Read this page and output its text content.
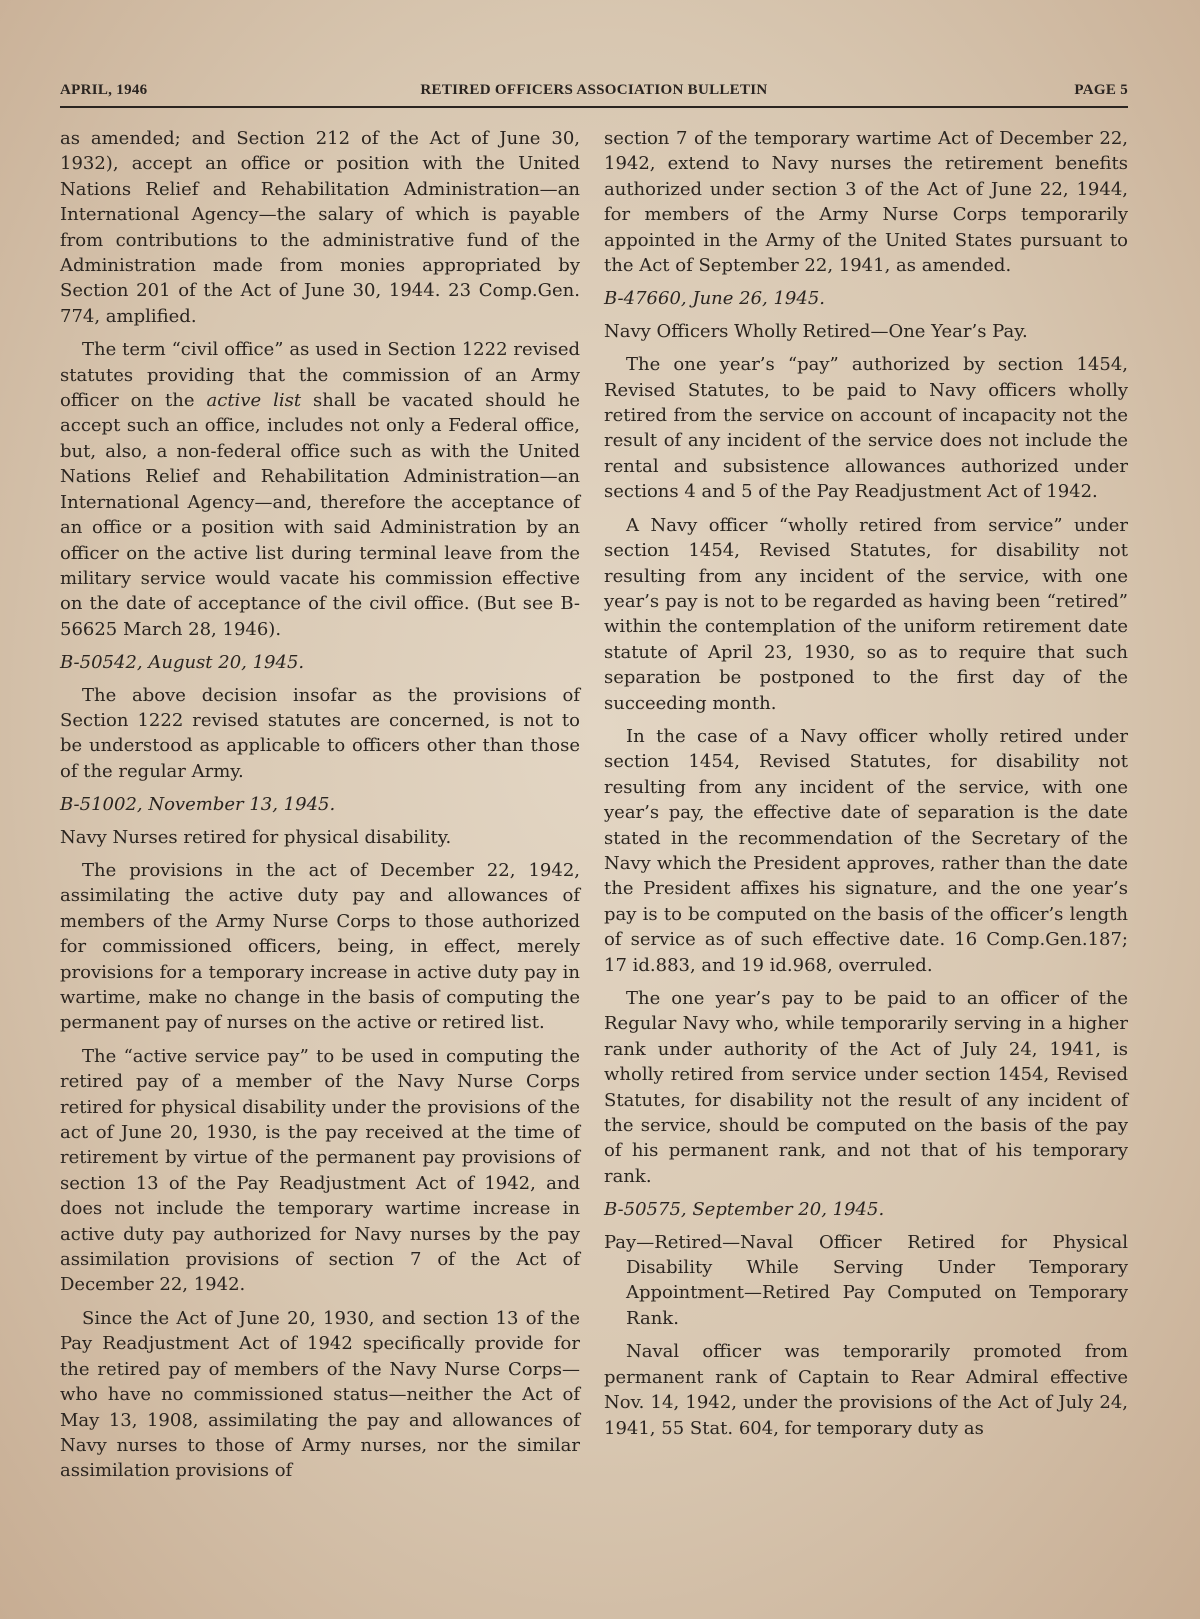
APRIL, 1946	RETIRED OFFICERS ASSOCIATION BULLETIN	PAGE 5

as amended; and Section 212 of the Act of June 30, 1932), accept an office or position with the United Nations Relief and Rehabilitation Administration—an International Agency—the salary of which is payable from contributions to the administrative fund of the Administration made from monies appropriated by Section 201 of the Act of June 30, 1944. 23 Comp.Gen. 774, amplified.

The term “civil office” as used in Section 1222 revised statutes providing that the commission of an Army officer on the active list shall be vacated should he accept such an office, includes not only a Federal office, but, also, a non-federal office such as with the United Nations Relief and Rehabilitation Administration—an International Agency—and, therefore the acceptance of an office or a position with said Administration by an officer on the active list during terminal leave from the military service would vacate his commission effective on the date of acceptance of the civil office. (But see B-56625 March 28, 1946).

B-50542, August 20, 1945.

The above decision insofar as the provisions of Section 1222 revised statutes are concerned, is not to be understood as applicable to officers other than those of the regular Army.

B-51002, November 13, 1945.

Navy Nurses retired for physical disability.

The provisions in the act of December 22, 1942, assimilating the active duty pay and allowances of members of the Army Nurse Corps to those authorized for commissioned officers, being, in effect, merely provisions for a temporary increase in active duty pay in wartime, make no change in the basis of computing the permanent pay of nurses on the active or retired list.

The “active service pay” to be used in computing the retired pay of a member of the Navy Nurse Corps retired for physical disability under the provisions of the act of June 20, 1930, is the pay received at the time of retirement by virtue of the permanent pay provisions of section 13 of the Pay Readjustment Act of 1942, and does not include the temporary wartime increase in active duty pay authorized for Navy nurses by the pay assimilation provisions of section 7 of the Act of December 22, 1942.

Since the Act of June 20, 1930, and section 13 of the Pay Readjustment Act of 1942 specifically provide for the retired pay of members of the Navy Nurse Corps—who have no commissioned status—neither the Act of May 13, 1908, assimilating the pay and allowances of Navy nurses to those of Army nurses, nor the similar assimilation provisions of

section 7 of the temporary wartime Act of December 22, 1942, extend to Navy nurses the retirement benefits authorized under section 3 of the Act of June 22, 1944, for members of the Army Nurse Corps temporarily appointed in the Army of the United States pursuant to the Act of September 22, 1941, as amended.

B-47660, June 26, 1945.

Navy Officers Wholly Retired—One Year’s Pay.

The one year’s “pay” authorized by section 1454, Revised Statutes, to be paid to Navy officers wholly retired from the service on account of incapacity not the result of any incident of the service does not include the rental and subsistence allowances authorized under sections 4 and 5 of the Pay Readjustment Act of 1942.

A Navy officer “wholly retired from service” under section 1454, Revised Statutes, for disability not resulting from any incident of the service, with one year’s pay is not to be regarded as having been “retired” within the contemplation of the uniform retirement date statute of April 23, 1930, so as to require that such separation be postponed to the first day of the succeeding month.

In the case of a Navy officer wholly retired under section 1454, Revised Statutes, for disability not resulting from any incident of the service, with one year’s pay, the effective date of separation is the date stated in the recommendation of the Secretary of the Navy which the President approves, rather than the date the President affixes his signature, and the one year’s pay is to be computed on the basis of the officer’s length of service as of such effective date. 16 Comp.Gen.187; 17 id.883, and 19 id.968, overruled.

The one year’s pay to be paid to an officer of the Regular Navy who, while temporarily serving in a higher rank under authority of the Act of July 24, 1941, is wholly retired from service under section 1454, Revised Statutes, for disability not the result of any incident of the service, should be computed on the basis of the pay of his permanent rank, and not that of his temporary rank.

B-50575, September 20, 1945.

Pay—Retired—Naval Officer Retired for Physical Disability While Serving Under Temporary Appointment—Retired Pay Computed on Temporary Rank.

Naval officer was temporarily promoted from permanent rank of Captain to Rear Admiral effective Nov. 14, 1942, under the provisions of the Act of July 24, 1941, 55 Stat. 604, for temporary duty as
